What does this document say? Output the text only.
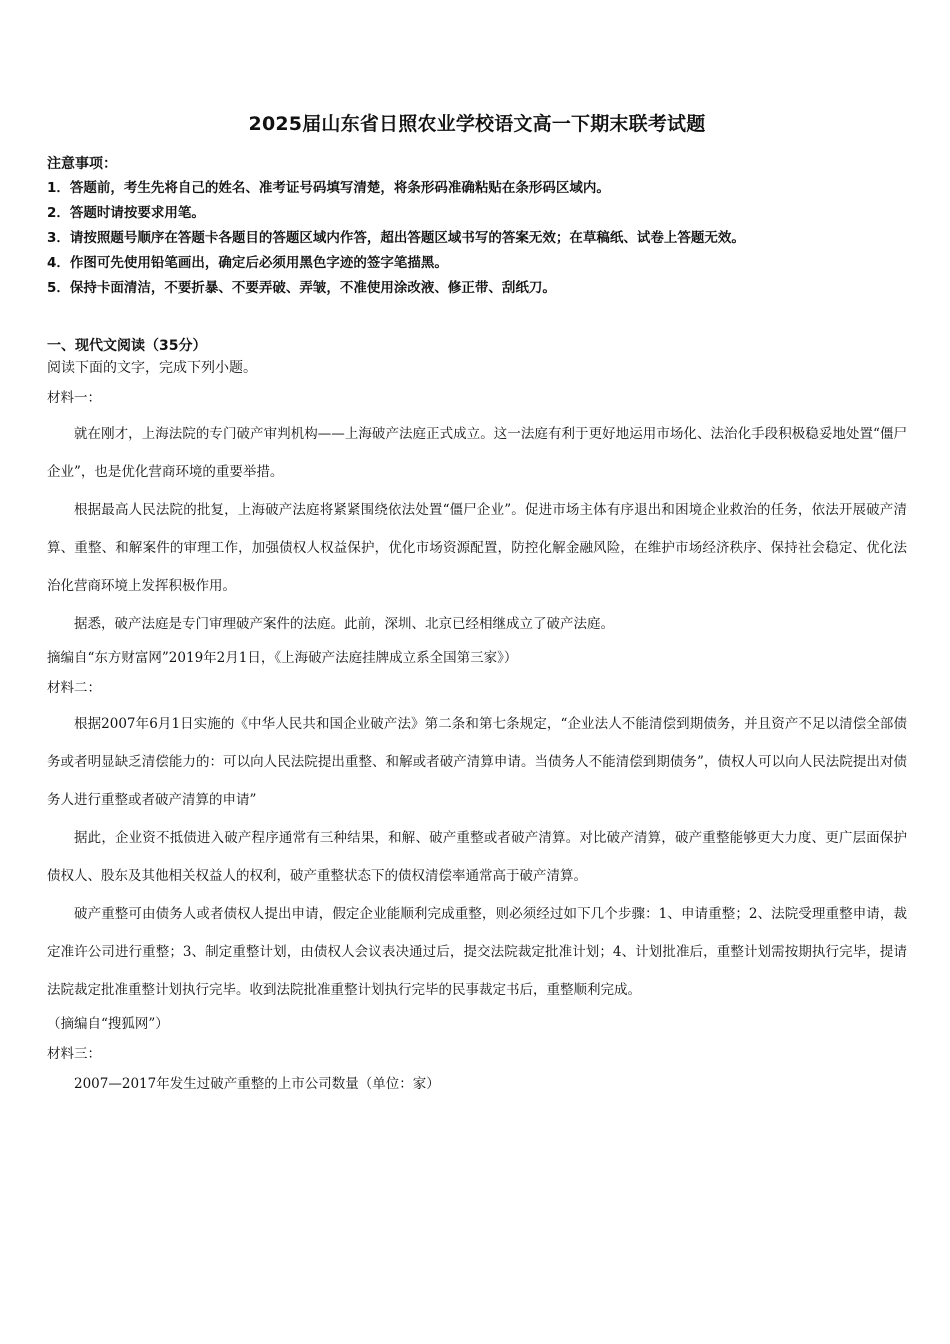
2025届山东省日照农业学校语文高一下期末联考试题

注意事项：

1．答题前，考生先将自己的姓名、准考证号码填写清楚，将条形码准确粘贴在条形码区域内。
2．答题时请按要求用笔。
3．请按照题号顺序在答题卡各题目的答题区域内作答，超出答题区域书写的答案无效；在草稿纸、试卷上答题无效。
4．作图可先使用铅笔画出，确定后必须用黑色字迹的签字笔描黑。
5．保持卡面清洁，不要折暴、不要弄破、弄皱，不准使用涂改液、修正带、刮纸刀。

一、现代文阅读（35分）

阅读下面的文字，完成下列小题。

材料一：

就在刚才，上海法院的专门破产审判机构——上海破产法庭正式成立。这一法庭有利于更好地运用市场化、法治化手段积极稳妥地处置“僵尸企业”，也是优化营商环境的重要举措。

根据最高人民法院的批复，上海破产法庭将紧紧围绕依法处置“僵尸企业”。促进市场主体有序退出和困境企业救治的任务，依法开展破产清算、重整、和解案件的审理工作，加强债权人权益保护，优化市场资源配置，防控化解金融风险，在维护市场经济秩序、保持社会稳定、优化法治化营商环境上发挥积极作用。

据悉，破产法庭是专门审理破产案件的法庭。此前，深圳、北京已经相继成立了破产法庭。

摘编自“东方财富网”2019年2月1日，《上海破产法庭挂牌成立系全国第三家》）

材料二：

根据2007年6月1日实施的《中华人民共和国企业破产法》第二条和第七条规定，“企业法人不能清偿到期债务，并且资产不足以清偿全部债务或者明显缺乏清偿能力的：可以向人民法院提出重整、和解或者破产清算申请。当债务人不能清偿到期债务”，债权人可以向人民法院提出对债务人进行重整或者破产清算的申请”

据此，企业资不抵债进入破产程序通常有三种结果，和解、破产重整或者破产清算。对比破产清算，破产重整能够更大力度、更广层面保护债权人、股东及其他相关权益人的权利，破产重整状态下的债权清偿率通常高于破产清算。

破产重整可由债务人或者债权人提出申请，假定企业能顺利完成重整，则必须经过如下几个步骤：1、申请重整；2、法院受理重整申请，裁定准许公司进行重整；3、制定重整计划，由债权人会议表决通过后，提交法院裁定批准计划；4、计划批准后，重整计划需按期执行完毕，提请法院裁定批准重整计划执行完毕。收到法院批准重整计划执行完毕的民事裁定书后，重整顺利完成。

（摘编自“搜狐网”）

材料三：

2007—2017年发生过破产重整的上市公司数量（单位：家）
